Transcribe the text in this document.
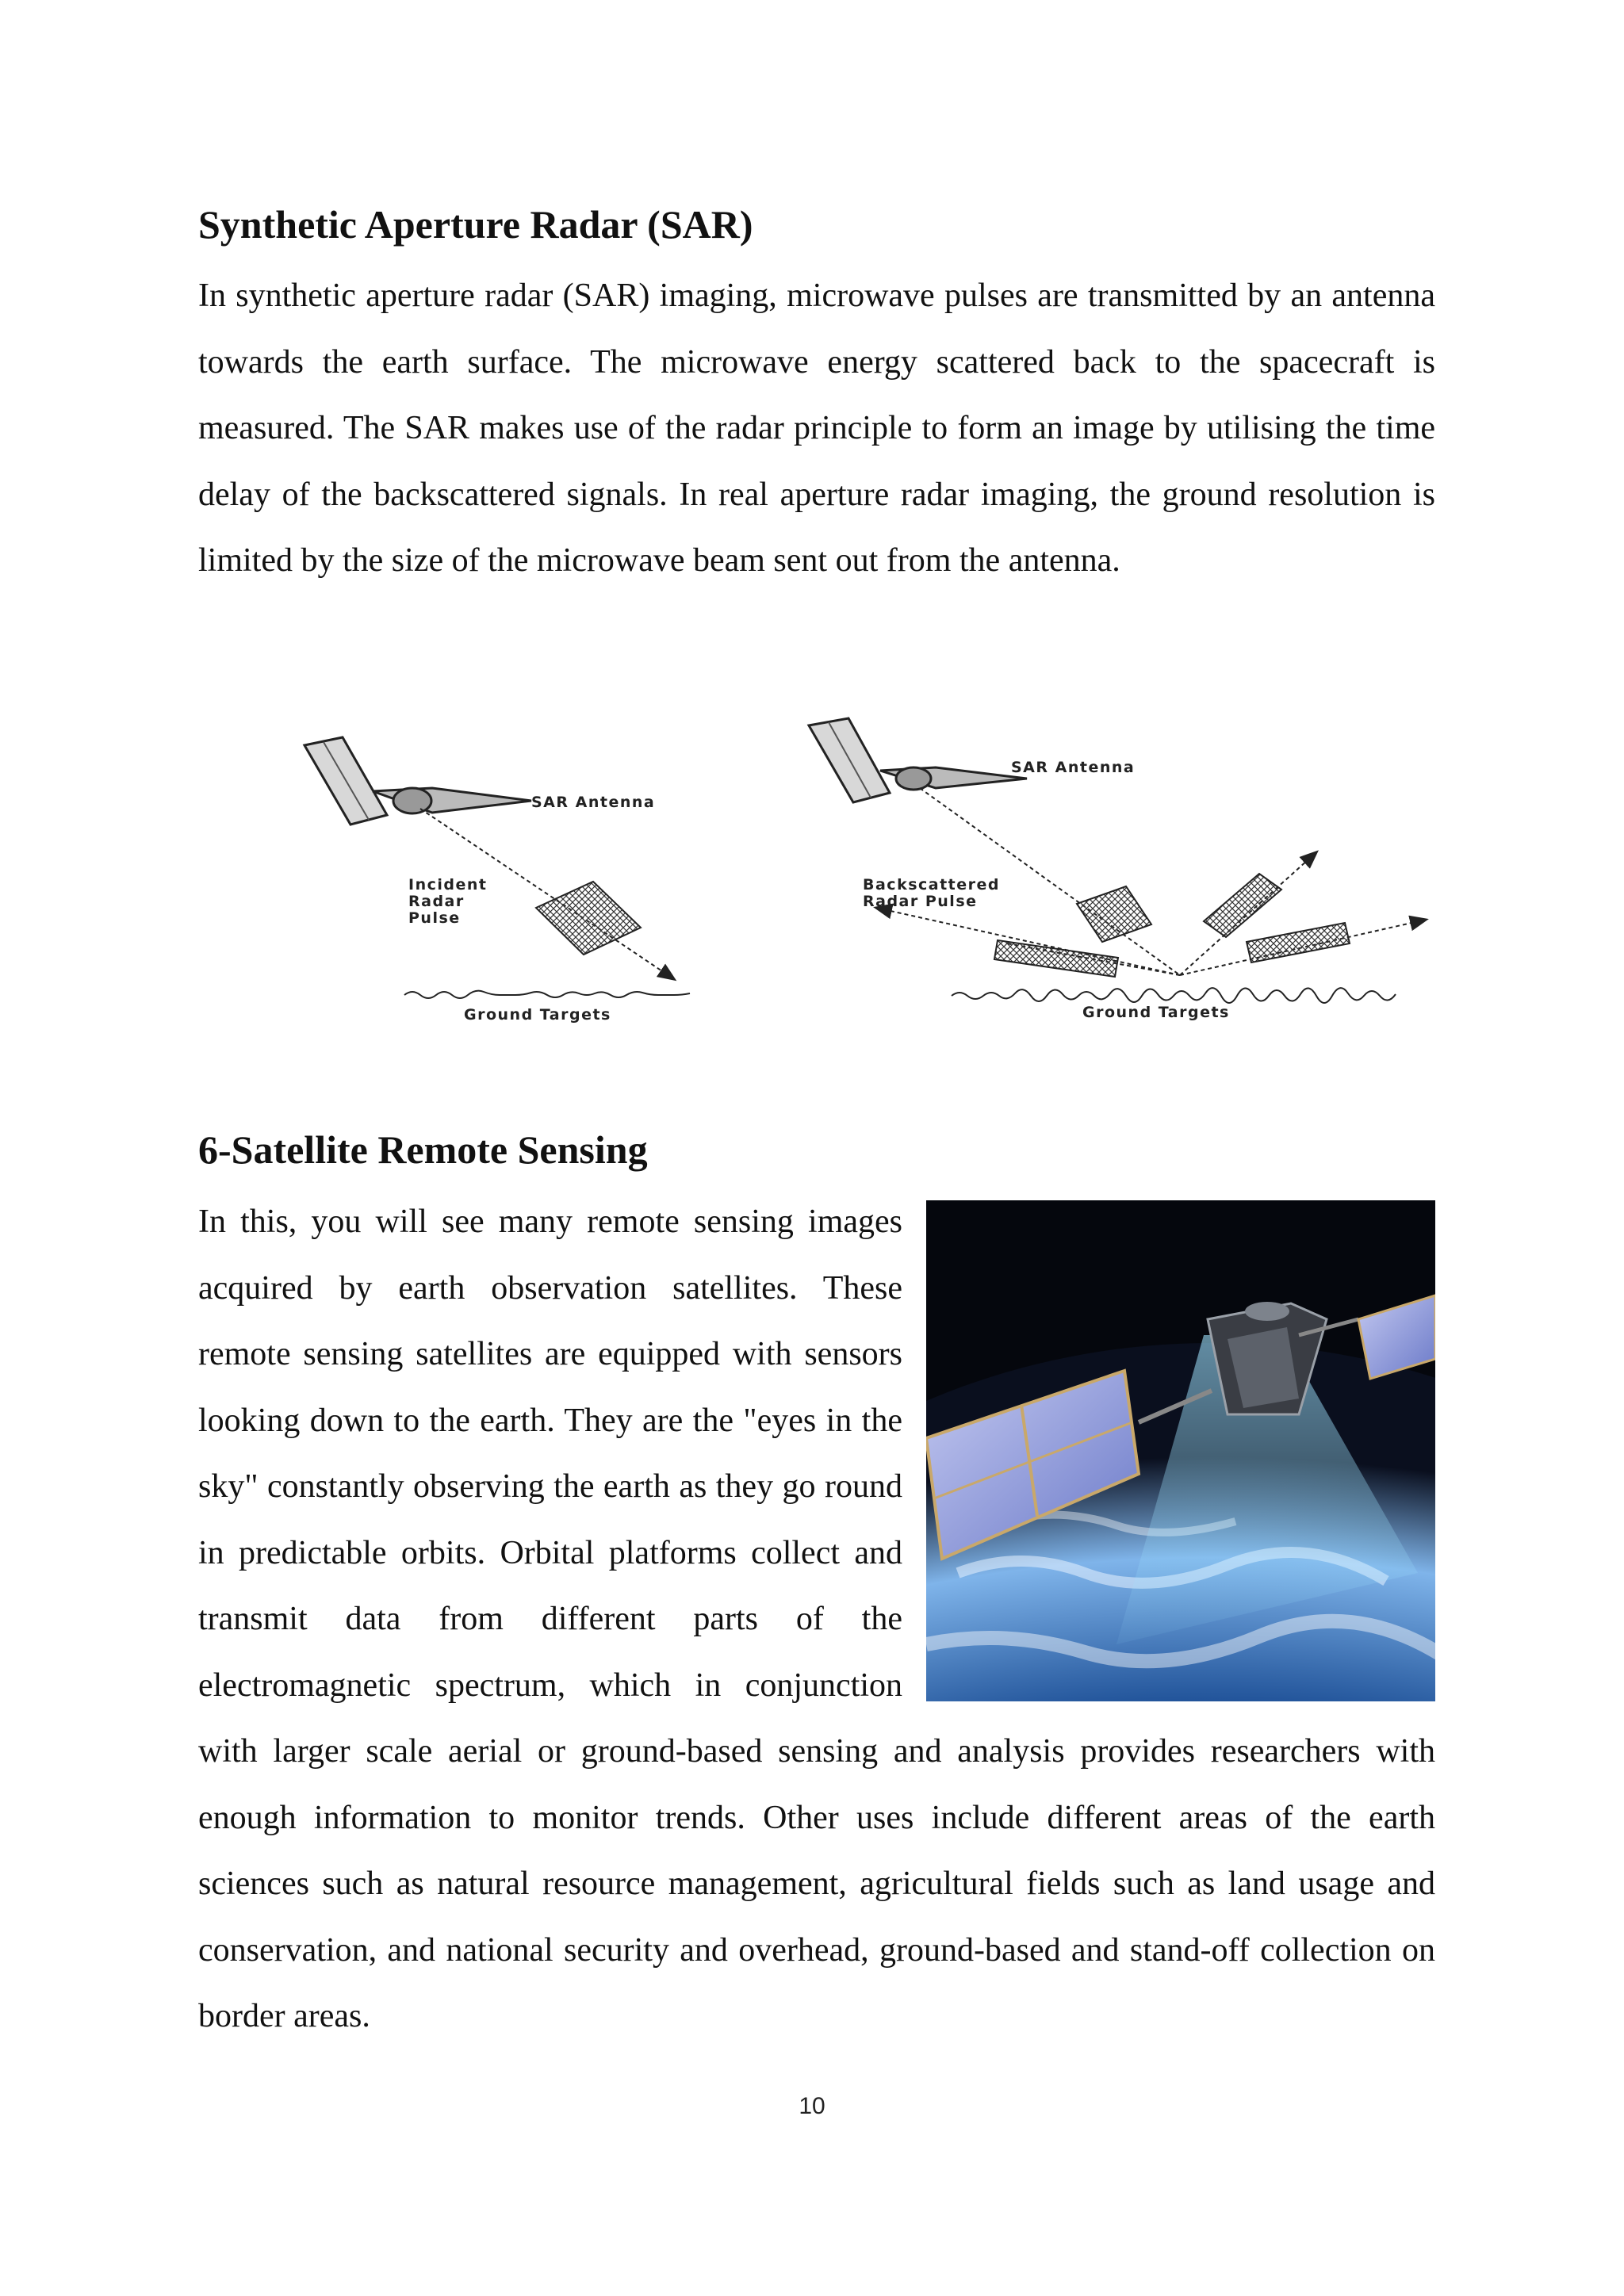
Synthetic Aperture Radar (SAR)

In synthetic aperture radar (SAR) imaging, microwave pulses are transmitted by an antenna towards the earth surface. The microwave energy scattered back to the spacecraft is measured. The SAR makes use of the radar principle to form an image by utilising the time delay of the backscattered signals. In real aperture radar imaging, the ground resolution is limited by the size of the microwave beam sent out from the antenna.

SAR Antenna
Incident
Radar
Pulse
Ground Targets
SAR Antenna
Backscattered
Radar Pulse
Ground Targets
6-Satellite Remote Sensing

In this, you will see many remote sensing images acquired by earth observation satellites. These remote sensing satellites are equipped with sensors looking down to the earth. They are the "eyes in the sky" constantly observing the earth as they go round in predictable orbits. Orbital platforms collect and transmit data from different parts of the electromagnetic spectrum, which in conjunction with larger scale aerial or ground-based sensing and analysis provides researchers with enough information to monitor trends. Other uses include different areas of the earth sciences such as natural resource management, agricultural fields such as land usage and conservation, and national security and overhead, ground-based and stand-off collection on border areas.

10
